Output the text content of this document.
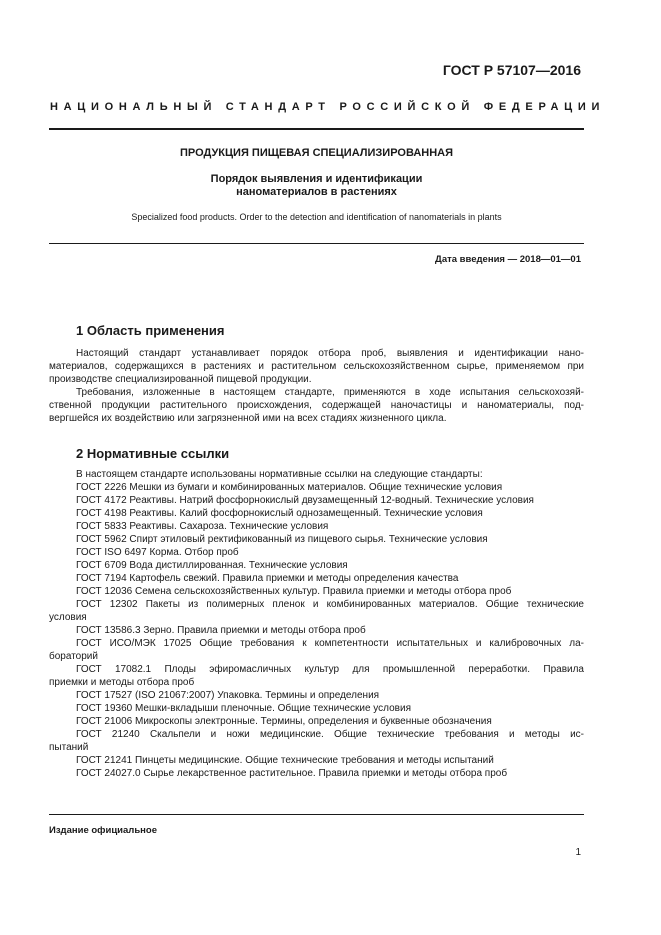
ГОСТ Р 57107—2016
НАЦИОНАЛЬНЫЙ СТАНДАРТ РОССИЙСКОЙ ФЕДЕРАЦИИ
ПРОДУКЦИЯ ПИЩЕВАЯ СПЕЦИАЛИЗИРОВАННАЯ
Порядок выявления и идентификации
наноматериалов в растениях
Specialized food products. Order to the detection and identification of nanomaterials in plants
Дата введения — 2018—01—01
1 Область применения
Настоящий стандарт устанавливает порядок отбора проб, выявления и идентификации нано-
материалов, содержащихся в растениях и растительном сельскохозяйственном сырье, применяемом при
производстве специализированной пищевой продукции.
Требования, изложенные в настоящем стандарте, применяются в ходе испытания сельскохозяй-
ственной продукции растительного происхождения, содержащей наночастицы и наноматериалы, под-
вергшейся их воздействию или загрязненной ими на всех стадиях жизненного цикла.
2 Нормативные ссылки
В настоящем стандарте использованы нормативные ссылки на следующие стандарты:
ГОСТ 2226 Мешки из бумаги и комбинированных материалов. Общие технические условия
ГОСТ 4172 Реактивы. Натрий фосфорнокислый двузамещенный 12-водный. Технические условия
ГОСТ 4198 Реактивы. Калий фосфорнокислый однозамещенный. Технические условия
ГОСТ 5833 Реактивы. Сахароза. Технические условия
ГОСТ 5962 Спирт этиловый ректификованный из пищевого сырья. Технические условия
ГОСТ ISO 6497 Корма. Отбор проб
ГОСТ 6709 Вода дистиллированная. Технические условия
ГОСТ 7194 Картофель свежий. Правила приемки и методы определения качества
ГОСТ 12036 Семена сельскохозяйственных культур. Правила приемки и методы отбора проб
ГОСТ 12302 Пакеты из полимерных пленок и комбинированных материалов. Общие технические
условия
ГОСТ 13586.3 Зерно. Правила приемки и методы отбора проб
ГОСТ ИСО/МЭК 17025 Общие требования к компетентности испытательных и калибровочных ла-
бораторий
ГОСТ 17082.1 Плоды эфиромасличных культур для промышленной переработки. Правила
приемки и методы отбора проб
ГОСТ 17527 (ISO 21067:2007) Упаковка. Термины и определения
ГОСТ 19360 Мешки-вкладыши пленочные. Общие технические условия
ГОСТ 21006 Микроскопы электронные. Термины, определения и буквенные обозначения
ГОСТ 21240 Скальпели и ножи медицинские. Общие технические требования и методы ис-
пытаний
ГОСТ 21241 Пинцеты медицинские. Общие технические требования и методы испытаний
ГОСТ 24027.0 Сырье лекарственное растительное. Правила приемки и методы отбора проб
Издание официальное
1
